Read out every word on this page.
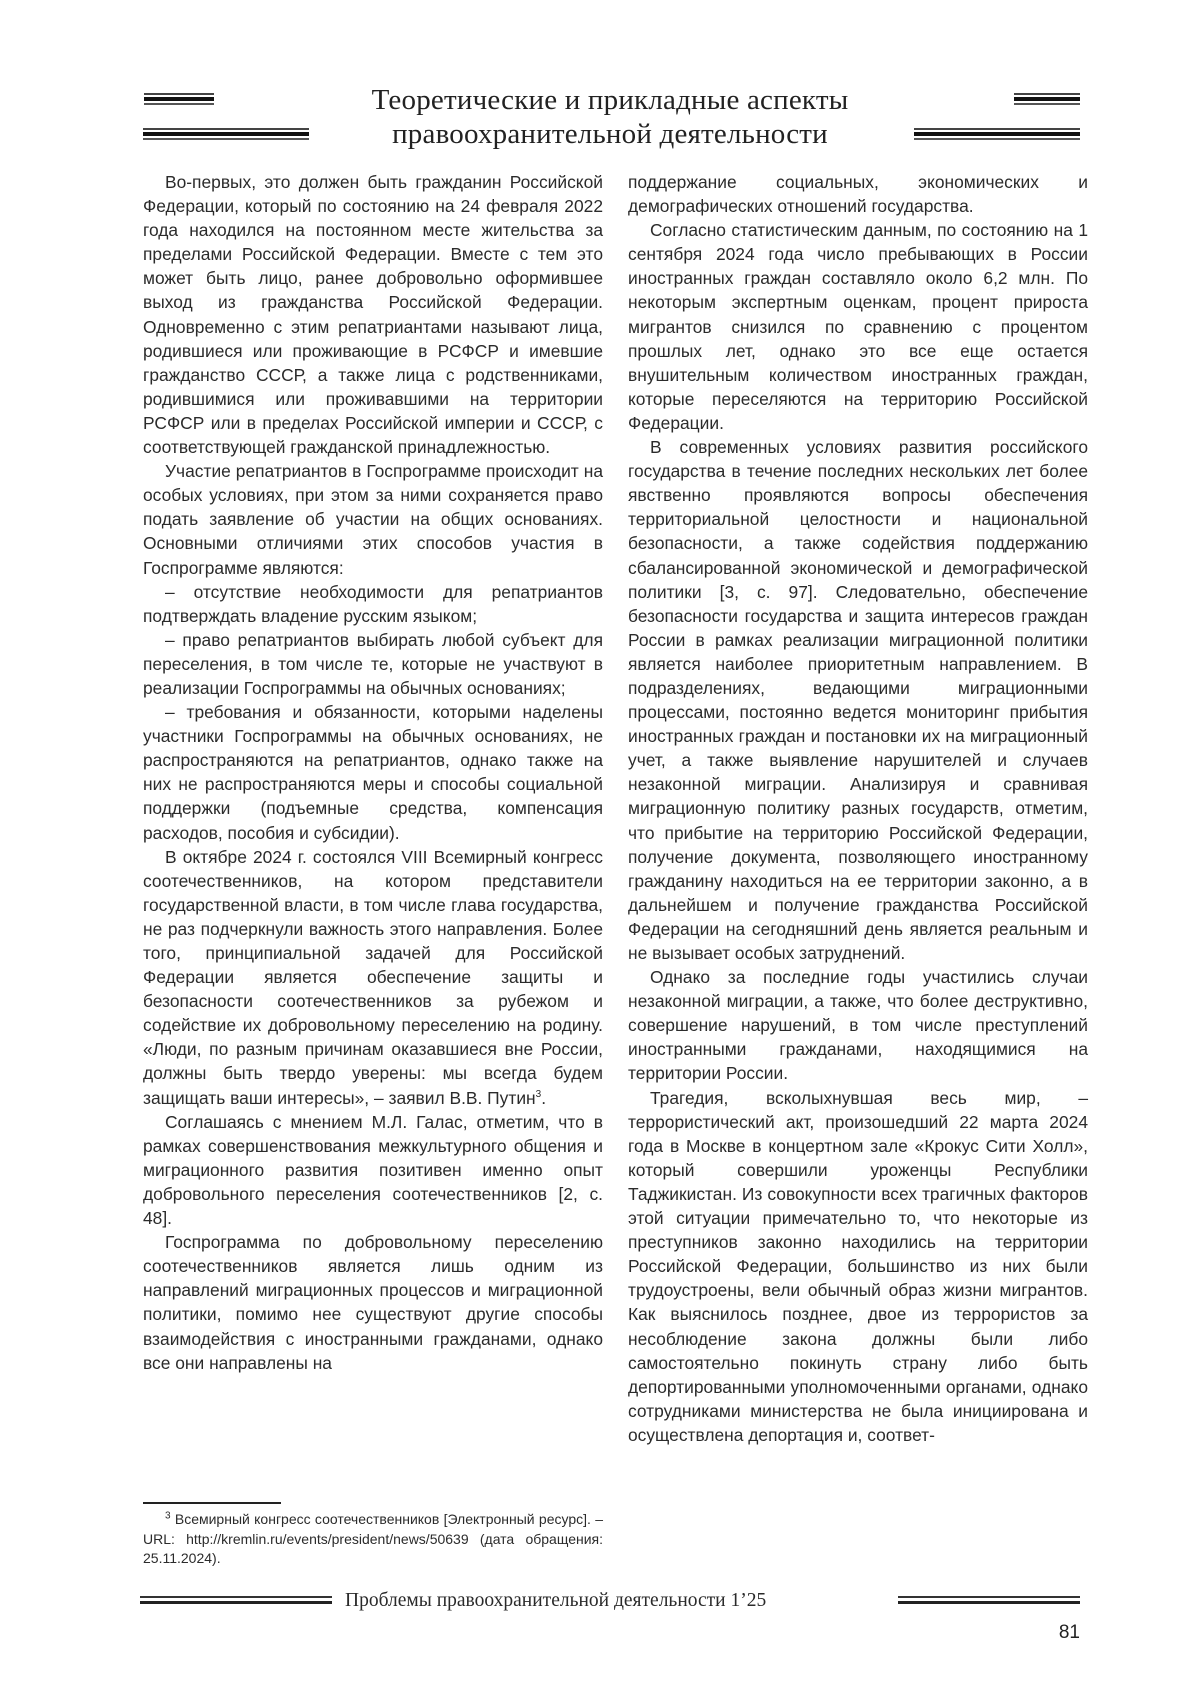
Теоретические и прикладные аспекты
правоохранительной деятельности

Во-первых, это должен быть гражданин Российской Федерации, который по состоянию на 24 февраля 2022 года находился на постоянном месте жительства за пределами Российской Федерации. Вместе с тем это может быть лицо, ранее добровольно оформившее выход из гражданства Российской Федерации. Одновременно с этим репатриантами называют лица, родившиеся или проживающие в РСФСР и имевшие гражданство СССР, а также лица с родственниками, родившимися или проживавшими на территории РСФСР или в пределах Российской империи и СССР, с соответствующей гражданской принадлежностью.

Участие репатриантов в Госпрограмме происходит на особых условиях, при этом за ними сохраняется право подать заявление об участии на общих основаниях. Основными отличиями этих способов участия в Госпрограмме являются:

– отсутствие необходимости для репатриантов подтверждать владение русским языком;

– право репатриантов выбирать любой субъект для переселения, в том числе те, которые не участвуют в реализации Госпрограммы на обычных основаниях;

– требования и обязанности, которыми наделены участники Госпрограммы на обычных основаниях, не распространяются на репатриантов, однако также на них не распространяются меры и способы социальной поддержки (подъемные средства, компенсация расходов, пособия и субсидии).

В октябре 2024 г. состоялся VIII Всемирный конгресс соотечественников, на котором представители государственной власти, в том числе глава государства, не раз подчеркнули важность этого направления. Более того, принципиальной задачей для Российской Федерации является обеспечение защиты и безопасности соотечественников за рубежом и содействие их добровольному переселению на родину. «Люди, по разным причинам оказавшиеся вне России, должны быть твердо уверены: мы всегда будем защищать ваши интересы», – заявил В.В. Путин$^3$.

Соглашаясь с мнением М.Л. Галас, отметим, что в рамках совершенствования межкультурного общения и миграционного развития позитивен именно опыт добровольного переселения соотечественников [2, с. 48].

Госпрограмма по добровольному переселению соотечественников является лишь одним из направлений миграционных процессов и миграционной политики, помимо нее существуют другие способы взаимодействия с иностранными гражданами, однако все они направлены на

поддержание социальных, экономических и демографических отношений государства.

Согласно статистическим данным, по состоянию на 1 сентября 2024 года число пребывающих в России иностранных граждан составляло около 6,2 млн. По некоторым экспертным оценкам, процент прироста мигрантов снизился по сравнению с процентом прошлых лет, однако это все еще остается внушительным количеством иностранных граждан, которые переселяются на территорию Российской Федерации.

В современных условиях развития российского государства в течение последних нескольких лет более явственно проявляются вопросы обеспечения территориальной целостности и национальной безопасности, а также содействия поддержанию сбалансированной экономической и демографической политики [3, с. 97]. Следовательно, обеспечение безопасности государства и защита интересов граждан России в рамках реализации миграционной политики является наиболее приоритетным направлением. В подразделениях, ведающими миграционными процессами, постоянно ведется мониторинг прибытия иностранных граждан и постановки их на миграционный учет, а также выявление нарушителей и случаев незаконной миграции. Анализируя и сравнивая миграционную политику разных государств, отметим, что прибытие на территорию Российской Федерации, получение документа, позволяющего иностранному гражданину находиться на ее территории законно, а в дальнейшем и получение гражданства Российской Федерации на сегодняшний день является реальным и не вызывает особых затруднений.

Однако за последние годы участились случаи незаконной миграции, а также, что более деструктивно, совершение нарушений, в том числе преступлений иностранными гражданами, находящимися на территории России.

Трагедия, всколыхнувшая весь мир, – террористический акт, произошедший 22 марта 2024 года в Москве в концертном зале «Крокус Сити Холл», который совершили уроженцы Республики Таджикистан. Из совокупности всех трагичных факторов этой ситуации примечательно то, что некоторые из преступников законно находились на территории Российской Федерации, большинство из них были трудоустроены, вели обычный образ жизни мигрантов. Как выяснилось позднее, двое из террористов за несоблюдение закона должны были либо самостоятельно покинуть страну либо быть депортированными уполномоченными органами, однако сотрудниками министерства не была инициирована и осуществлена депортация и, соответ-

$^3$ Всемирный конгресс соотечественников [Электронный ресурс]. – URL: http://kremlin.ru/events/president/news/50639 (дата обращения: 25.11.2024).

Проблемы правоохранительной деятельности 1’25
81
